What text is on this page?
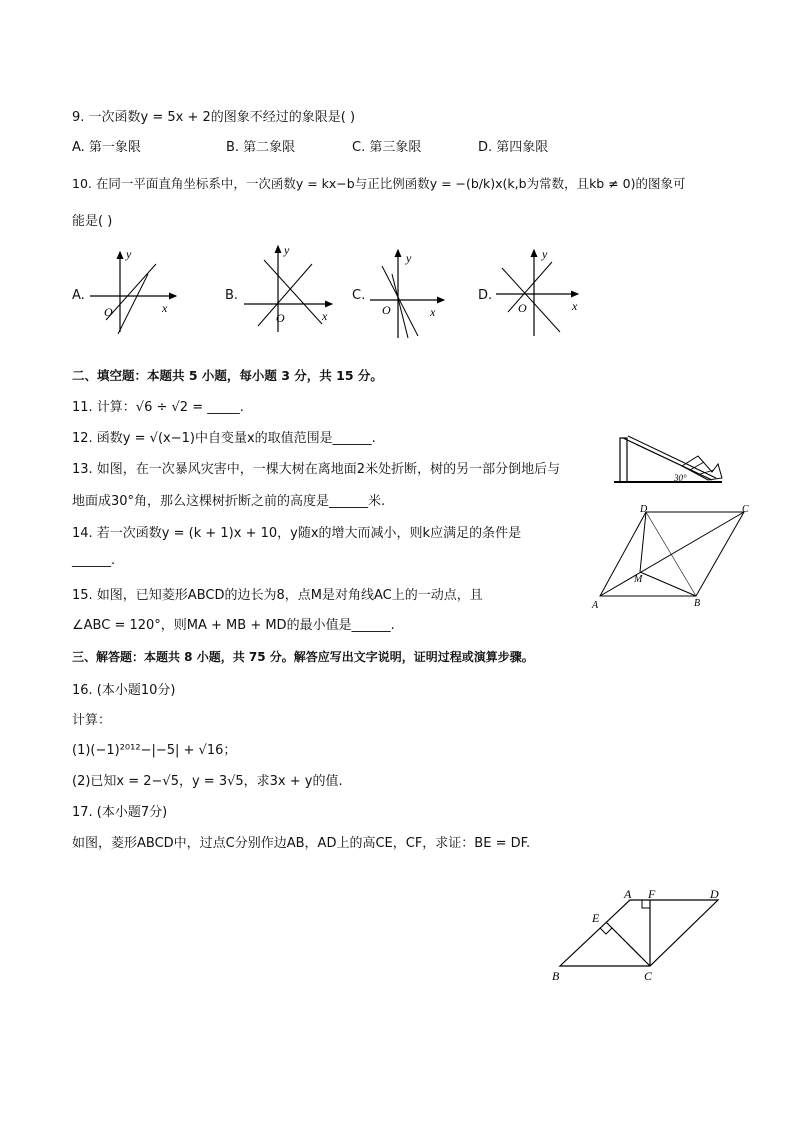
9. 一次函数y = 5x + 2的图象不经过的象限是( )
A. 第一象限	B. 第二象限	C. 第三象限	D. 第四象限
10. 在同一平面直角坐标系中，一次函数y = kx−b与正比例函数y = −(b/k)x(k,b为常数，且kb ≠ 0)的图象可
能是( )
A.	B.	C.	D.
y
x
O
y
x
O
y
x
O
y
x
O
二、填空题：本题共 5 小题，每小题 3 分，共 15 分。
11. 计算：√6 ÷ √2 = _____.
12. 函数y = √(x−1)中自变量x的取值范围是______.
13. 如图，在一次暴风灾害中，一棵大树在离地面2米处折断，树的另一部分倒地后与
地面成30°角，那么这棵树折断之前的高度是______米.
30°
14. 若一次函数y = (k + 1)x + 10，y随x的增大而减小，则k应满足的条件是
______.
15. 如图，已知菱形ABCD的边长为8，点M是对角线AC上的一动点，且
∠ABC = 120°，则MA + MB + MD的最小值是______.
A	B
C
D
M
三、解答题：本题共 8 小题，共 75 分。解答应写出文字说明，证明过程或演算步骤。
16. (本小题10分)
计算：
(1)(−1)²⁰¹²−|−5| + √16；
(2)已知x = 2−√5，y = 3√5，求3x + y的值.
17. (本小题7分)
如图，菱形ABCD中，过点C分别作边AB，AD上的高CE，CF，求证：BE = DF.
A F	D
E
B	C
